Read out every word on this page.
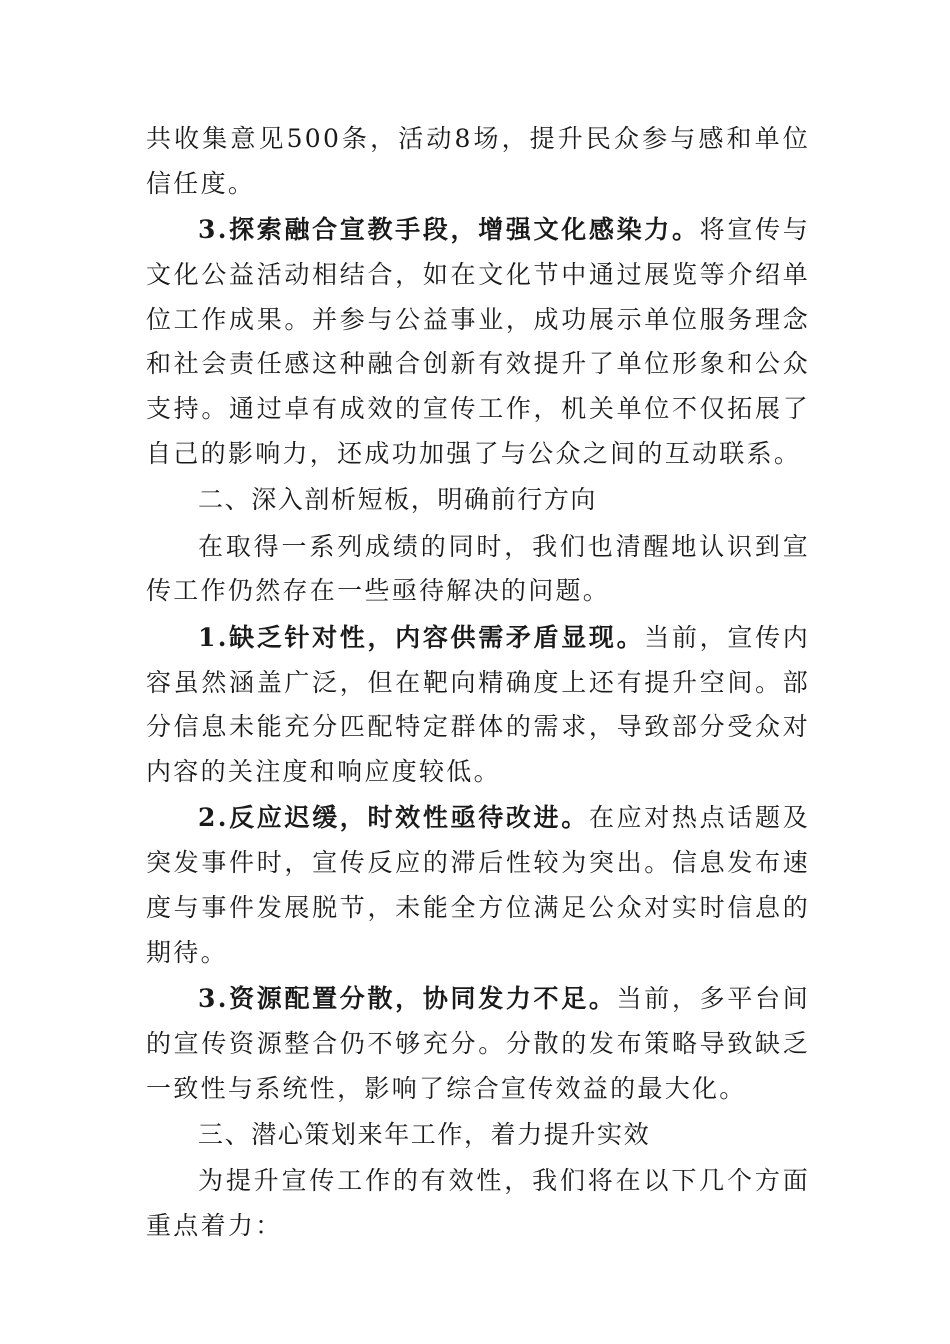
共收集意见500条，活动8场，提升民众参与感和单位信任度。

3.探索融合宣教手段，增强文化感染力。将宣传与文化公益活动相结合，如在文化节中通过展览等介绍单位工作成果。并参与公益事业，成功展示单位服务理念和社会责任感这种融合创新有效提升了单位形象和公众支持。通过卓有成效的宣传工作，机关单位不仅拓展了自己的影响力，还成功加强了与公众之间的互动联系。

二、深入剖析短板，明确前行方向

在取得一系列成绩的同时，我们也清醒地认识到宣传工作仍然存在一些亟待解决的问题。

1.缺乏针对性，内容供需矛盾显现。当前，宣传内容虽然涵盖广泛，但在靶向精确度上还有提升空间。部分信息未能充分匹配特定群体的需求，导致部分受众对内容的关注度和响应度较低。

2.反应迟缓，时效性亟待改进。在应对热点话题及突发事件时，宣传反应的滞后性较为突出。信息发布速度与事件发展脱节，未能全方位满足公众对实时信息的期待。

3.资源配置分散，协同发力不足。当前，多平台间的宣传资源整合仍不够充分。分散的发布策略导致缺乏一致性与系统性，影响了综合宣传效益的最大化。

三、潜心策划来年工作，着力提升实效

为提升宣传工作的有效性，我们将在以下几个方面重点着力：
